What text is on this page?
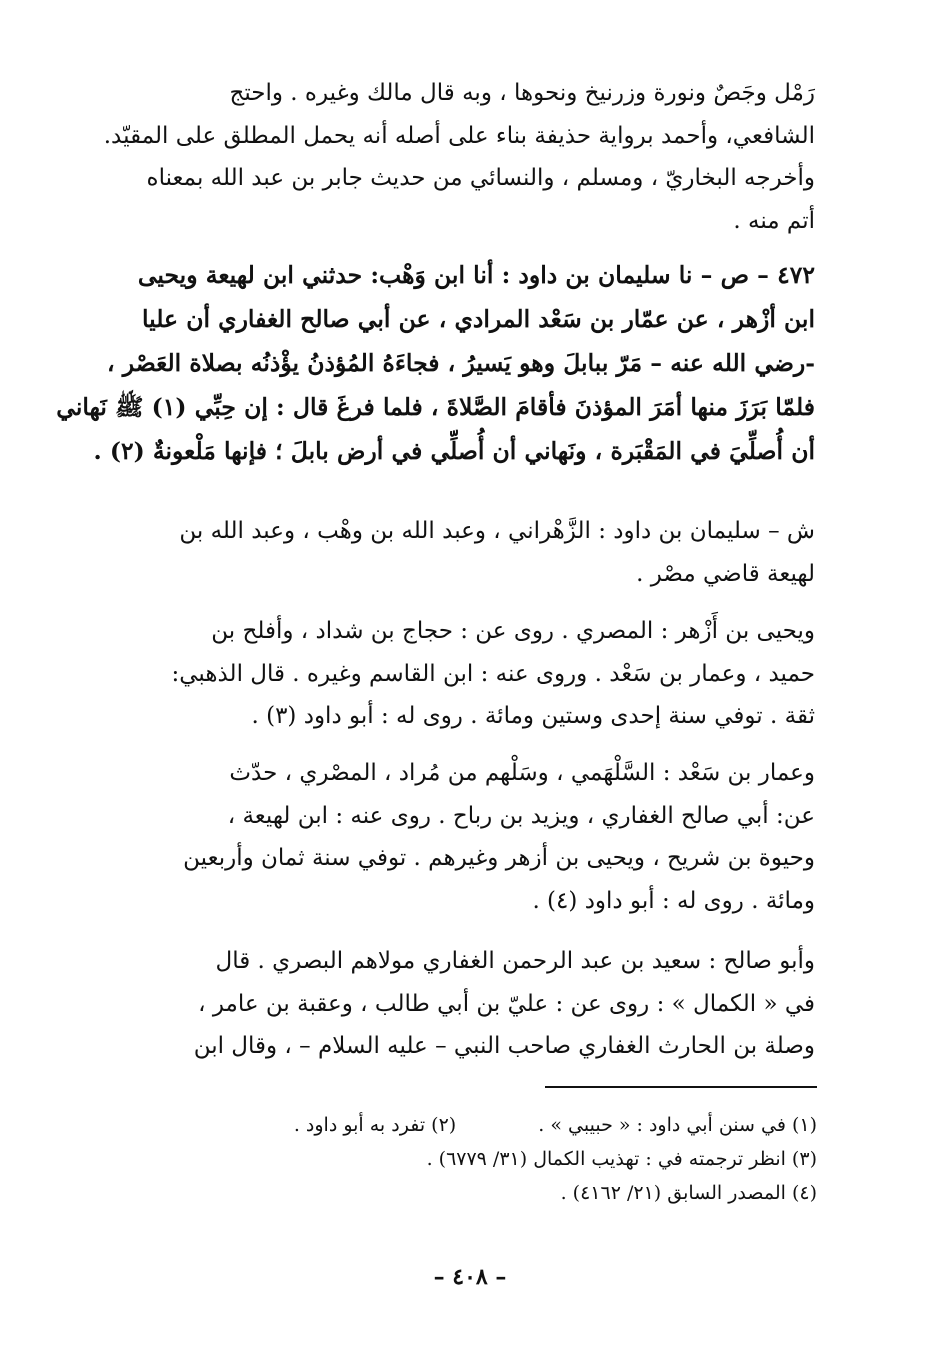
رَمْل وجَصٌ ونورة وزرنيخ ونحوها ، وبه قال مالك وغيره . واحتج
الشافعي، وأحمد برواية حذيفة بناء على أصله أنه يحمل المطلق على المقيّد.
وأخرجه البخاريّ ، ومسلم ، والنسائي من حديث جابر بن عبد الله بمعناه
أتم منه .
٤٧٢ – ص – نا سليمان بن داود : أنا ابن وَهْب: حدثني ابن لهيعة ويحيى
ابن أزْهر ، عن عمّار بن سَعْد المرادي ، عن أبي صالح الغفاري أن عليا
-رضي الله عنه – مَرّ ببابلَ وهو يَسيرُ ، فجاءَهُ المُؤذنُ يؤْذنُه بصلاة العَصْر ،
فلمّا بَرَزَ منها أمَرَ المؤذنَ فأقامَ الصَّلاةَ ، فلما فرغَ قال : إن حِبِّي (١) ﷺ نَهاني
أن أُصلِّيَ في المَقْبَرة ، ونَهاني أن أُصلِّي في أرض بابلَ ؛ فإنها مَلْعونةٌ (٢) .
ش – سليمان بن داود : الزَّهْراني ، وعبد الله بن وهْب ، وعبد الله بن
لهيعة قاضي مصْر .
ويحيى بن أَزْهر : المصري . روى عن : حجاج بن شداد ، وأفلح بن
حميد ، وعمار بن سَعْد . وروى عنه : ابن القاسم وغيره . قال الذهبي:
ثقة . توفي سنة إحدى وستين ومائة . روى له : أبو داود (٣) .
وعمار بن سَعْد : السَّلْهَمي ، وسَلْهم من مُراد ، المصْري ، حدّث
عن: أبي صالح الغفاري ، ويزيد بن رباح . روى عنه : ابن لهيعة ،
وحيوة بن شريح ، ويحيى بن أزهر وغيرهم . توفي سنة ثمان وأربعين
ومائة . روى له : أبو داود (٤) .
وأبو صالح : سعيد بن عبد الرحمن الغفاري مولاهم البصري . قال
في « الكمال » : روى عن : عليّ بن أبي طالب ، وعقبة بن عامر ،
وصلة بن الحارث الغفاري صاحب النبي – عليه السلام – ، وقال ابن
(١) في سنن أبي داود : « حبيبي » .  (٢) تفرد به أبو داود .
(٣) انظر ترجمته في : تهذيب الكمال (٣١/ ٦٧٧٩) .
(٤) المصدر السابق (٢١/ ٤١٦٢) .
– ٤٠٨ –
